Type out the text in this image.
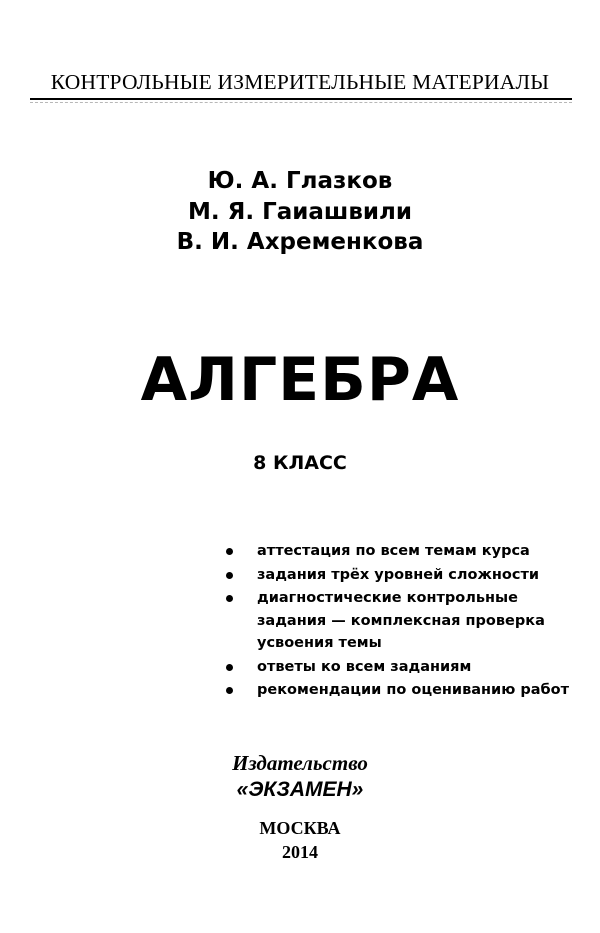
КОНТРОЛЬНЫЕ ИЗМЕРИТЕЛЬНЫЕ МАТЕРИАЛЫ
Ю. А. Глазков
М. Я. Гаиашвили
В. И. Ахременкова
АЛГЕБРА
8 КЛАСС
аттестация по всем темам курса
задания трёх уровней сложности
диагностические контрольные задания — комплексная проверка усвоения темы
ответы ко всем заданиям
рекомендации по оцениванию работ
Издательство
«ЭКЗАМЕН»
МОСКВА
2014
